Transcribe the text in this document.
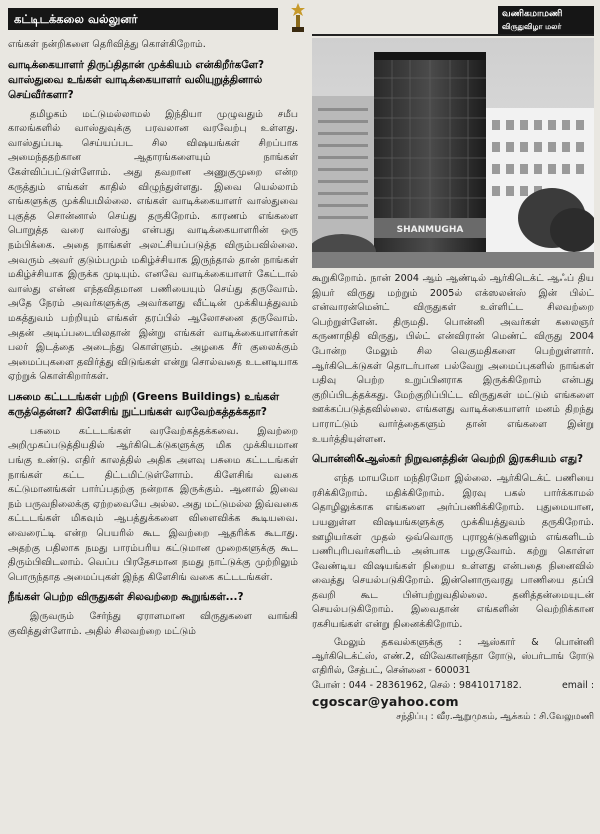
கட்டிடக்கலை வல்லுனர்	வணிகமாமணி
விருதுவிழா மலர்

எங்கள் நன்றிகளை தெரிவித்து கொள்கிறோம்.

வாடிக்கையாளர் திருப்திதான் முக்கியம் என்கிறீர்களே? வாஸ்துவை உங்கள் வாடிக்கையாளர் வலியுறுத்தினால் செய்வீர்களா?

தமிழகம் மட்டுமல்லாமல் இந்தியா முழுவதும் சமீப காலங்களில் வாஸ்துவுக்கு பரவலான வரவேற்பு உள்ளது. வாஸ்துப்படி செய்யப்பட சில விஷயங்கள் சிறப்பாக அமைந்ததற்கான ஆதாரங்களையும் நாங்கள் கேள்விப்பட்டுள்ளோம். அது தவறான அணுகுமுறை என்ற கருத்தும் எங்கள் காதில் விழுந்துள்ளது. இவை யெல்லாம் எங்களுக்கு முக்கியமில்லை. எங்கள் வாடிக்கையாளர் வாஸ்துவை புகுத்த சொன்னால் செய்து தருகிறோம். காரணம் எங்களை பொறுத்த வரை வாஸ்து என்பது வாடிக்கையாளரின் ஒரு நம்பிக்கை. அதை நாங்கள் அலட்சியப்படுத்த விரும்பவில்லை. அவரும் அவர் குடும்பமும் மகிழ்ச்சியாக இருந்தால் தான் நாங்கள் மகிழ்ச்சியாக இருக்க முடியும். எனவே வாடிக்கையாளர் கேட்டால் வாஸ்து என்ன எந்தவிதமான பணியையும் செய்து தருவோம். அதே நேரம் அவர்களுக்கு அவர்களது வீட்டின் முக்கியத்துவம் மகத்துவம் பற்றியும் எங்கள் தரப்பில் ஆலோசனை தருவோம். அதன் அடிப்படையிலதான் இன்று எங்கள் வாடிக்கையாளர்கள் பலர் இடத்தை அடைந்து கொள்ளும். அழகை சீர் குலைக்கும் அமைப்புகளை தவிர்த்து விடுங்கள் என்று சொல்வதை உடனடியாக ஏற்றுக் கொள்கிறார்கள்.

பசுமை கட்டடங்கள் பற்றி (Greens Buildings) உங்கள் கருத்தென்ன? கிளேசிங் நுட்பங்கள் வரவேற்கத்தக்கதா?

பசுமை கட்டடங்கள் வரவேற்கத்தக்கவை. இவற்றை அறிமுகப்படுத்தியதில் ஆர்கிடெக்டுகளுக்கு மிக முக்கியமான பங்கு உண்டு. எதிர் காலத்தில் அதிக அளவு பசுமை கட்டடங்கள் நாங்கள் கட்ட திட்டமிட்டுள்ளோம். கிளேசிங் வகை கட்டுமானங்கள் பார்ப்பதற்கு நன்றாக இருக்கும். ஆனால் இவை நம் பருவநிலைக்கு ஏற்றவையே அல்ல. அது மட்டுமல்ல இவ்வகை கட்டடங்கள் மிகவும் ஆபத்துக்களை விளைவிக்க கூடியவை. வைரைட்டி என்ற பெயரில் கூட இவற்றை ஆதரிக்க கூடாது. அதற்கு பதிலாக நமது பாரம்பரிய கட்டுமான முறைகளுக்கு கூட திரும்பிவிடலாம். வெப்ப பிரதேசமான நமது நாட்டுக்கு முற்றிலும் பொருந்தாத அமைப்புகள் இந்த கிளேசிங் வகை கட்டடங்கள்.

நீங்கள் பெற்ற விருதுகள் சிலவற்றை கூறுங்கள்...?

இருவரும் சேர்ந்து ஏராளமான விருதுகளை வாங்கி குவித்துள்ளோம். அதில் சிலவற்றை மட்டும்

SHANMUGHA

கூறுகிறோம். நான் 2004 ஆம் ஆண்டில் ஆர்கிடெக்ட் ஆஃப் திய இயர் விருது மற்றும் 2005ல் எக்ஸலன்ஸ் இன் பில்ட் என்வாரன்மென்ட் விருதுகள் உள்ளிட்ட சிலவற்றை பெற்றுள்ளேன். திருமதி. பொன்னி அவர்கள் கலைஞர் கருணாநிதி விருது, பில்ட் என்விரான் மெண்ட் விருது 2004 போன்ற மேலும் சில வெகுமதிகளை பெற்றுள்ளார். ஆர்கிடெக்டுகள் தொடர்பான பல்வேறு அமைப்புகளில் நாங்கள் பதிவு பெற்ற உறுப்பினராக இருக்கிறோம் என்பது குறிப்பிடத்தக்கது. மேற்குறிப்பிட்ட விருதுகள் மட்டும் எங்களை ஊக்கப்படுத்தவில்லை. எங்களது வாடிக்கையாளர் மனம் திறந்து பாராட்டும் வார்த்தைகளும் தான் எங்களை இன்று உயர்த்தியுள்ளன.

பொன்னி&ஆஸ்கர் நிறுவனத்தின் வெற்றி இரகசியம் எது?

எந்த மாயமோ மந்திரமோ இல்லை. ஆர்கிடெக்ட் பணியை ரசிக்கிறோம். மதிக்கிறோம். இரவு பகல் பார்க்காமல் தொழிலுக்காக எங்களை அர்ப்பணிக்கிறோம். புதுமையான, பயனுள்ள விஷயங்களுக்கு முக்கியத்துவம் தருகிறோம். ஊழியர்கள் முதல் ஒவ்வொரு புராஜக்டுகளிலும் எங்களிடம் பணிபுரிபவர்களிடம் அன்பாக பழகுவோம். கற்று கொள்ள வேண்டிய விஷயங்கள் நிறைய உள்ளது என்பதை நினைவில் வைத்து செயல்படுகிறோம். இன்னொருவரது பாணியை தப்பி தவறி கூட பின்பற்றுவதில்லை. தனித்தன்மையுடன் செயல்படுகிறோம். இவைதான் எங்களின் வெற்றிக்கான ரகசியங்கள் என்று நினைக்கிறோம்.

மேலும் தகவல்களுக்கு : ஆஸ்கார் & பொன்னி ஆர்கிடெக்ட்ஸ், எண்.2, விவேகானந்தா ரோடு, ஸ்பர்டாங் ரோடு எதிரில், சேத்பட், சென்னை - 600031

போன் : 044 - 28361962, செல் : 9841017182.	email :
cgoscar@yahoo.com
சந்திப்பு : வீர.ஆறுமுகம், ஆக்கம் : சி.வேலுமணி
